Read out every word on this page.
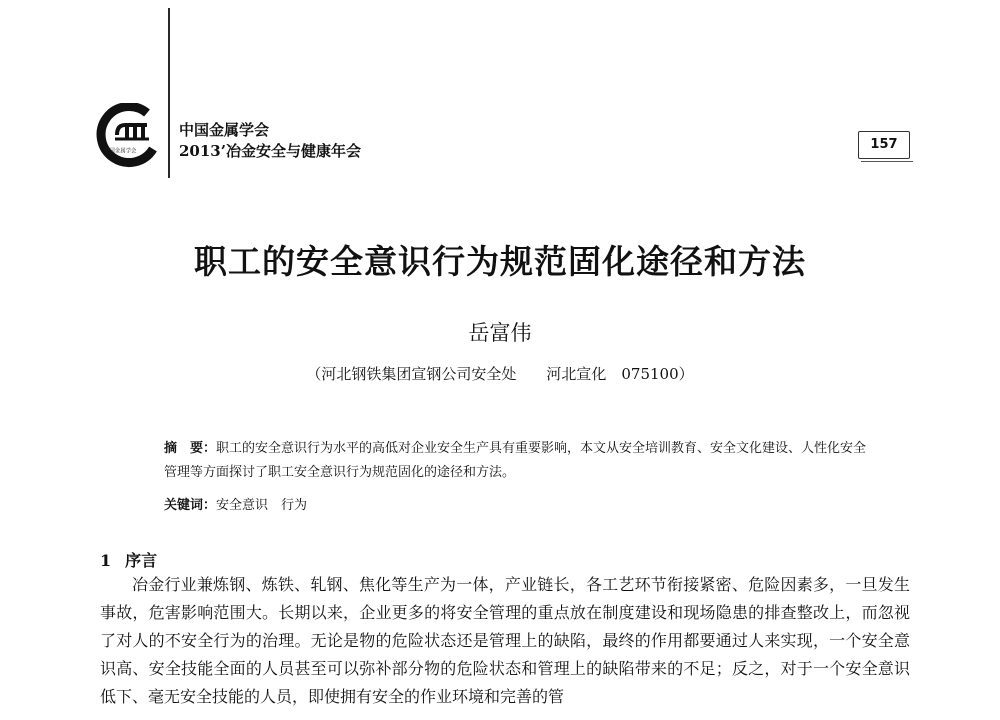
中国金属学会
中国金属学会
2013’冶金安全与健康年会	157
职工的安全意识行为规范固化途径和方法
岳富伟
（河北钢铁集团宣钢公司安全处　　河北宣化　075100）

摘　要：职工的安全意识行为水平的高低对企业安全生产具有重要影响，本文从安全培训教育、安全文化建设、人性化安全管理等方面探讨了职工安全意识行为规范固化的途径和方法。

关键词：安全意识　行为
1 序言

冶金行业兼炼钢、炼铁、轧钢、焦化等生产为一体，产业链长，各工艺环节衔接紧密、危险因素多，一旦发生事故，危害影响范围大。长期以来，企业更多的将安全管理的重点放在制度建设和现场隐患的排查整改上，而忽视了对人的不安全行为的治理。无论是物的危险状态还是管理上的缺陷，最终的作用都要通过人来实现，一个安全意识高、安全技能全面的人员甚至可以弥补部分物的危险状态和管理上的缺陷带来的不足；反之，对于一个安全意识低下、毫无安全技能的人员，即使拥有安全的作业环境和完善的管
